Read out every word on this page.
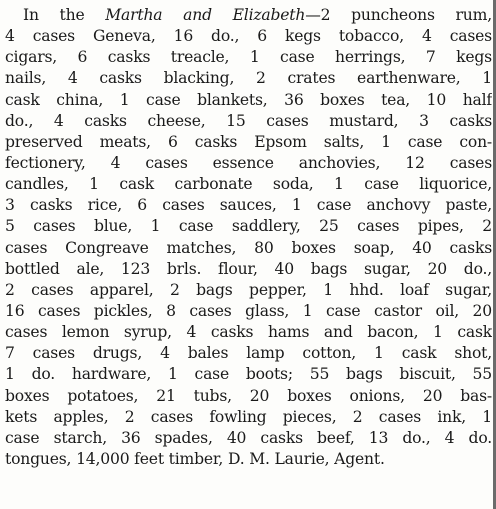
In the Martha and Elizabeth—2 puncheons rum,
4 cases Geneva, 16 do., 6 kegs tobacco, 4 cases
cigars, 6 casks treacle, 1 case herrings, 7 kegs
nails, 4 casks blacking, 2 crates earthenware, 1
cask china, 1 case blankets, 36 boxes tea, 10 half
do., 4 casks cheese, 15 cases mustard, 3 casks
preserved meats, 6 casks Epsom salts, 1 case con-
fectionery, 4 cases essence anchovies, 12 cases
candles, 1 cask carbonate soda, 1 case liquorice,
3 casks rice, 6 cases sauces, 1 case anchovy paste,
5 cases blue, 1 case saddlery, 25 cases pipes, 2
cases Congreave matches, 80 boxes soap, 40 casks
bottled ale, 123 brls. flour, 40 bags sugar, 20 do.,
2 cases apparel, 2 bags pepper, 1 hhd. loaf sugar,
16 cases pickles, 8 cases glass, 1 case castor oil, 20
cases lemon syrup, 4 casks hams and bacon, 1 cask
7 cases drugs, 4 bales lamp cotton, 1 cask shot,
1 do. hardware, 1 case boots; 55 bags biscuit, 55
boxes potatoes, 21 tubs, 20 boxes onions, 20 bas-
kets apples, 2 cases fowling pieces, 2 cases ink, 1
case starch, 36 spades, 40 casks beef, 13 do., 4 do.
tongues, 14,000 feet timber, D. M. Laurie, Agent.
